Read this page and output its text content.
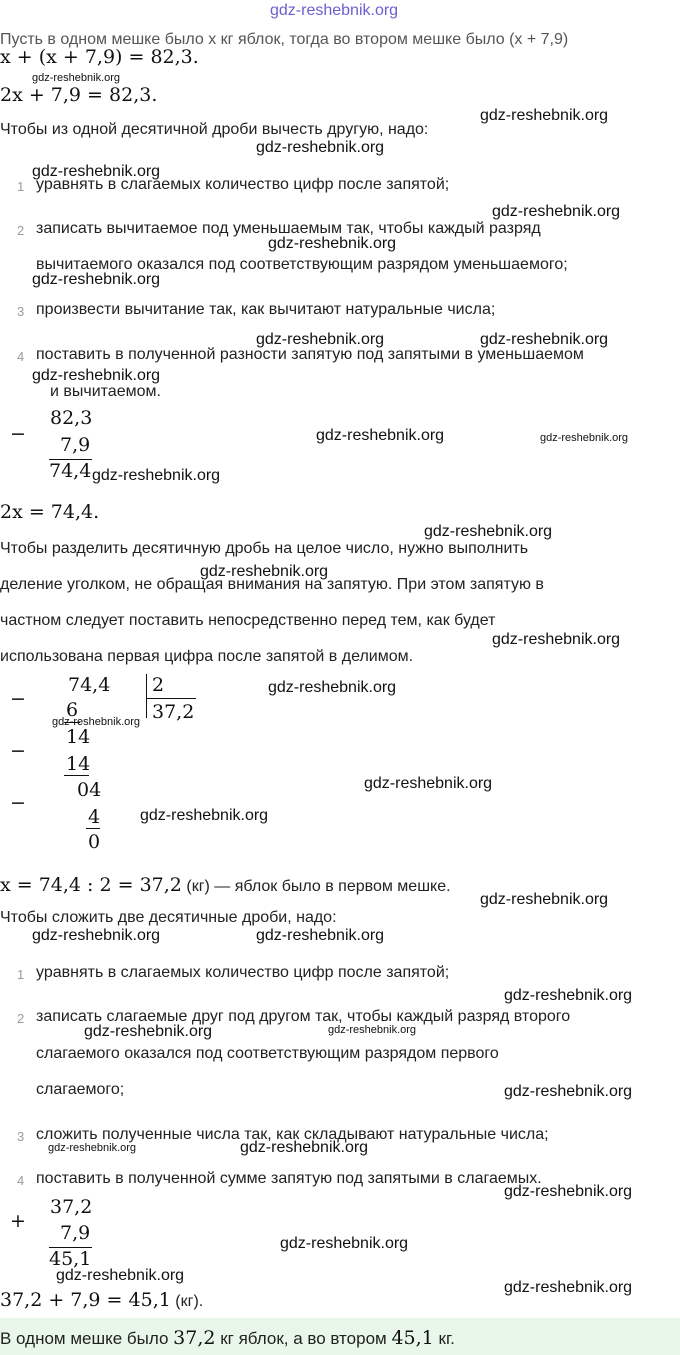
gdz-reshebnik.org
Пусть в одном мешке было x кг яблок, тогда во втором мешке было (x + 7,9)
x + (x + 7,9) = 82,3.
gdz-reshebnik.org
2x + 7,9 = 82,3.
gdz-reshebnik.org
Чтобы из одной десятичной дроби вычесть другую, надо:
gdz-reshebnik.org
gdz-reshebnik.org
1 уравнять в слагаемых количество цифр после запятой;
gdz-reshebnik.org
2 записать вычитаемое под уменьшаемым так, чтобы каждый разряд
gdz-reshebnik.org
вычитаемого оказался под соответствующим разрядом уменьшаемого;
gdz-reshebnik.org
3 произвести вычитание так, как вычитают натуральные числа;
gdz-reshebnik.org	gdz-reshebnik.org
4 поставить в полученной разности запятую под запятыми в уменьшаемом
gdz-reshebnik.org
и вычитаемом.
−
82,3
7,9
74,4 gdz-reshebnik.org
gdz-reshebnik.org	gdz-reshebnik.org
2x = 74,4.
gdz-reshebnik.org
Чтобы разделить десятичную дробь на целое число, нужно выполнить
gdz-reshebnik.org
деление уголком, не обращая внимания на запятую. При этом запятую в
частном следует поставить непосредственно перед тем, как будет
gdz-reshebnik.org
использована первая цифра после запятой в делимом.
−
74,4 2
37,2
6
gdz-reshebnik.org
−
14
14
−
04
4
0
gdz-reshebnik.org
gdz-reshebnik.org
gdz-reshebnik.org
x = 74,4 : 2 = 37,2 (кг) — яблок было в первом мешке.
gdz-reshebnik.org
Чтобы сложить две десятичные дроби, надо:
gdz-reshebnik.org	gdz-reshebnik.org
1 уравнять в слагаемых количество цифр после запятой;
gdz-reshebnik.org
2 записать слагаемые друг под другом так, чтобы каждый разряд второго
gdz-reshebnik.org	gdz-reshebnik.org
слагаемого оказался под соответствующим разрядом первого
слагаемого;	gdz-reshebnik.org
3 сложить полученные числа так, как складывают натуральные числа;
gdz-reshebnik.org	gdz-reshebnik.org
4 поставить в полученной сумме запятую под запятыми в слагаемых.
gdz-reshebnik.org
+
37,2
7,9
45,1
gdz-reshebnik.org
gdz-reshebnik.org
gdz-reshebnik.org
37,2 + 7,9 = 45,1 (кг).
В одном мешке было 37,2 кг яблок, а во втором 45,1 кг.
